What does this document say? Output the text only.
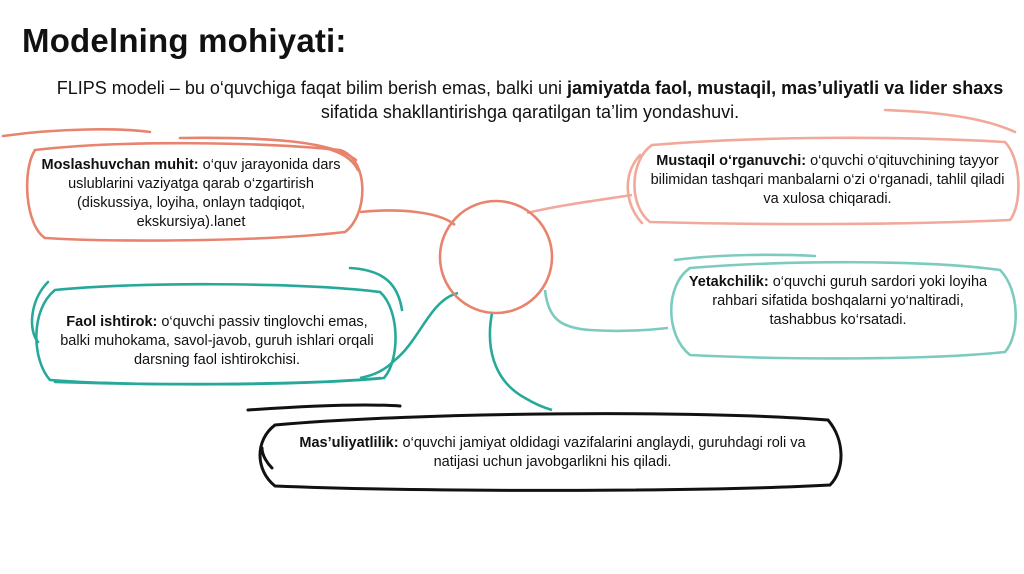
Modelning mohiyati:
FLIPS modeli – bu o‘quvchiga faqat bilim berish emas, balki uni jamiyatda faol, mustaqil, mas’uliyatli va lider shaxs sifatida shakllantirishga qaratilgan ta’lim yondashuvi.
Moslashuvchan muhit: o‘quv jarayonida dars uslublarini vaziyatga qarab o‘zgartirish (diskussiya, loyiha, onlayn tadqiqot, ekskursiya).lanet
Mustaqil o‘rganuvchi: o‘quvchi o‘qituvchining tayyor bilimidan tashqari manbalarni o‘zi o‘rganadi, tahlil qiladi va xulosa chiqaradi.
Faol ishtirok: o‘quvchi passiv tinglovchi emas, balki muhokama, savol-javob, guruh ishlari orqali darsning faol ishtirokchisi.
Yetakchilik: o‘quvchi guruh sardori yoki loyiha rahbari sifatida boshqalarni yo‘naltiradi, tashabbus ko‘rsatadi.
Mas’uliyatlilik: o‘quvchi jamiyat oldidagi vazifalarini anglaydi, guruhdagi roli va natijasi uchun javobgarlikni his qiladi.
